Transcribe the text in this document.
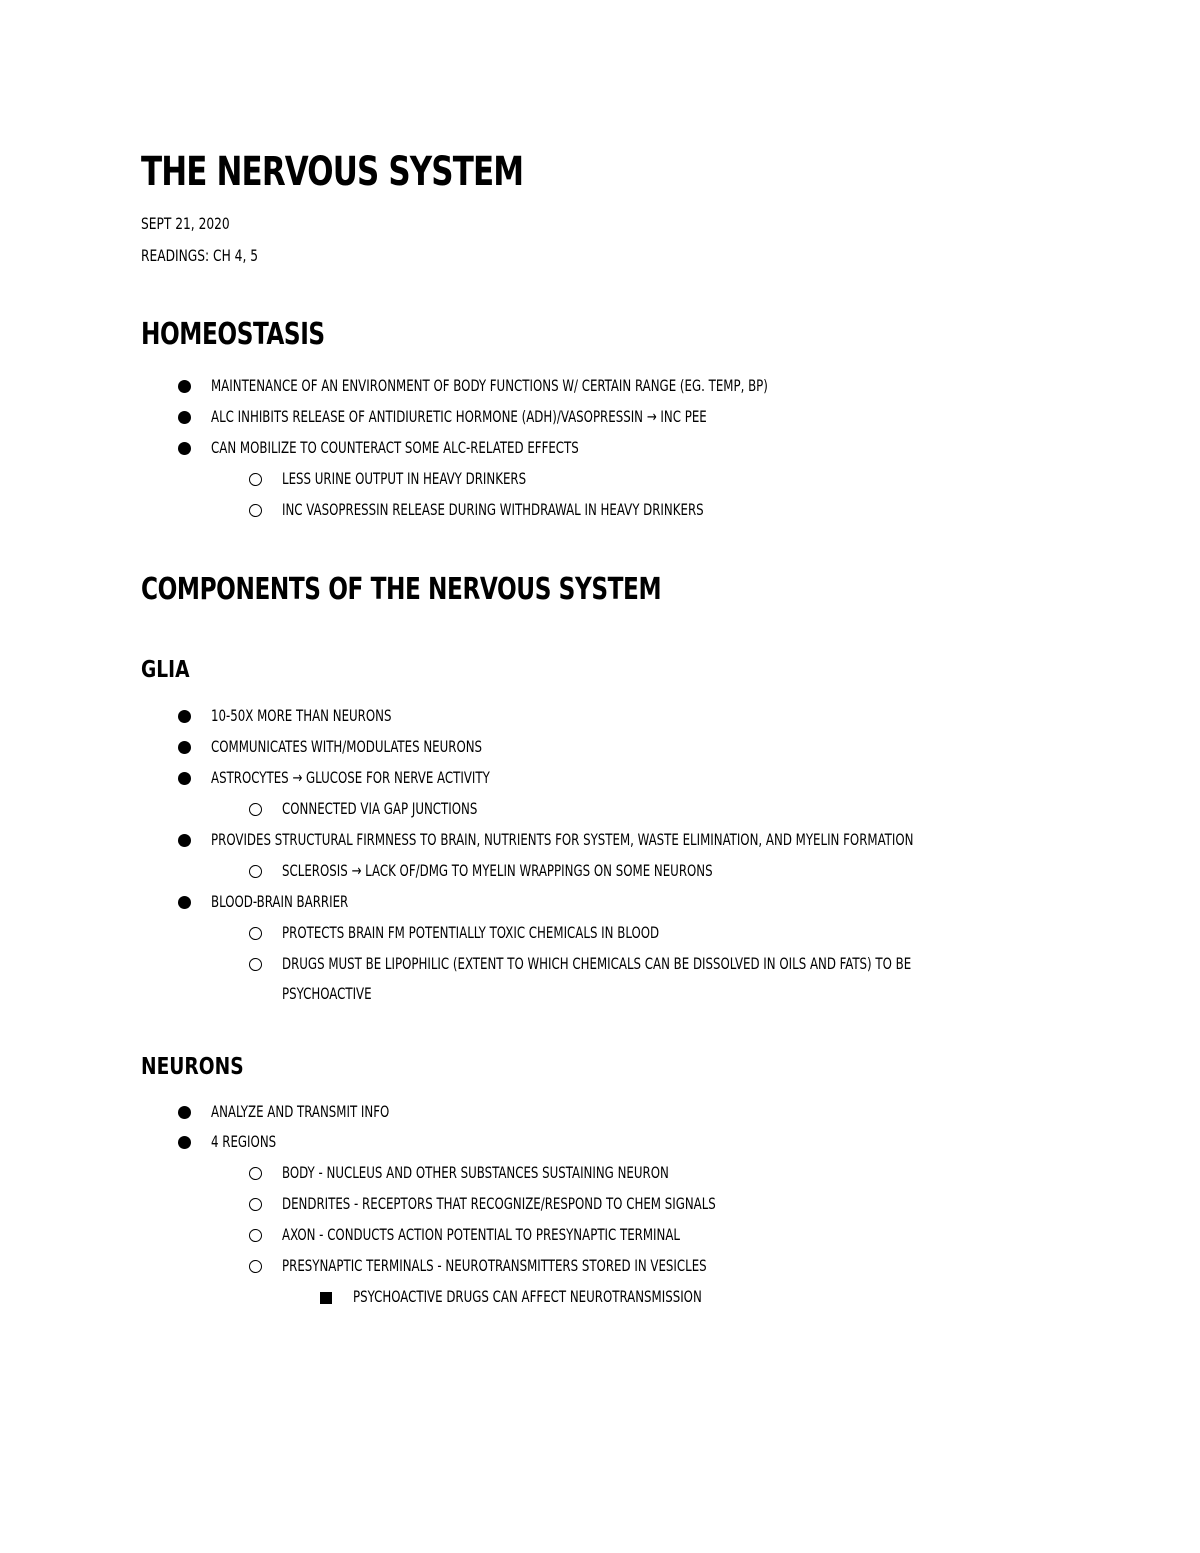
THE NERVOUS SYSTEM
SEPT 21, 2020
READINGS: CH 4, 5
HOMEOSTASIS
MAINTENANCE OF AN ENVIRONMENT OF BODY FUNCTIONS W/ CERTAIN RANGE (EG. TEMP, BP)
ALC INHIBITS RELEASE OF ANTIDIURETIC HORMONE (ADH)/VASOPRESSIN → INC PEE
CAN MOBILIZE TO COUNTERACT SOME ALC-RELATED EFFECTS
LESS URINE OUTPUT IN HEAVY DRINKERS
INC VASOPRESSIN RELEASE DURING WITHDRAWAL IN HEAVY DRINKERS
COMPONENTS OF THE NERVOUS SYSTEM
GLIA
10-50X MORE THAN NEURONS
COMMUNICATES WITH/MODULATES NEURONS
ASTROCYTES → GLUCOSE FOR NERVE ACTIVITY
CONNECTED VIA GAP JUNCTIONS
PROVIDES STRUCTURAL FIRMNESS TO BRAIN, NUTRIENTS FOR SYSTEM, WASTE ELIMINATION, AND MYELIN FORMATION
SCLEROSIS → LACK OF/DMG TO MYELIN WRAPPINGS ON SOME NEURONS
BLOOD-BRAIN BARRIER
PROTECTS BRAIN FM POTENTIALLY TOXIC CHEMICALS IN BLOOD
DRUGS MUST BE LIPOPHILIC (EXTENT TO WHICH CHEMICALS CAN BE DISSOLVED IN OILS AND FATS) TO BE
PSYCHOACTIVE
NEURONS
ANALYZE AND TRANSMIT INFO
4 REGIONS
BODY - NUCLEUS AND OTHER SUBSTANCES SUSTAINING NEURON
DENDRITES - RECEPTORS THAT RECOGNIZE/RESPOND TO CHEM SIGNALS
AXON - CONDUCTS ACTION POTENTIAL TO PRESYNAPTIC TERMINAL
PRESYNAPTIC TERMINALS - NEUROTRANSMITTERS STORED IN VESICLES
PSYCHOACTIVE DRUGS CAN AFFECT NEUROTRANSMISSION
